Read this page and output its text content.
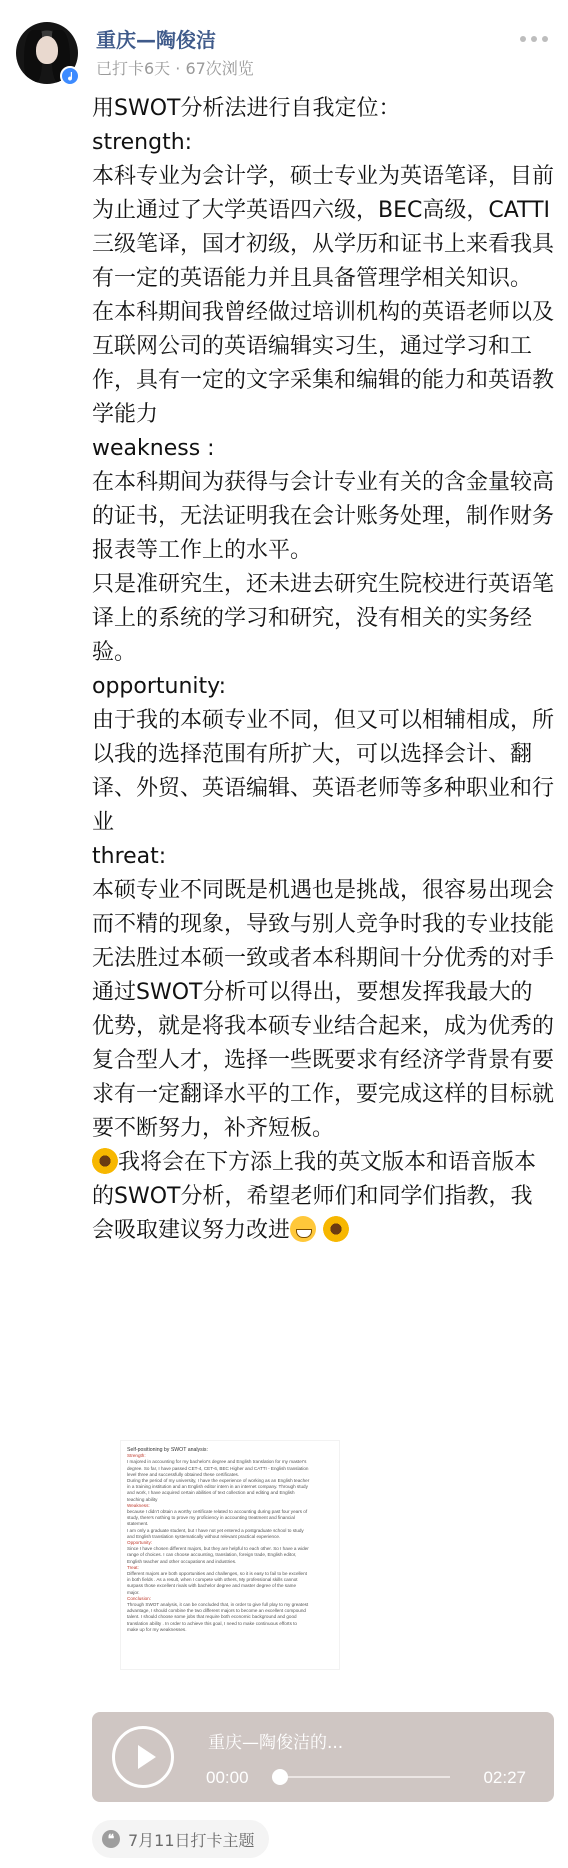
重庆—陶俊洁
已打卡6天 · 67次浏览

用SWOT分析法进行自我定位：

strength:

本科专业为会计学，硕士专业为英语笔译，目前为止通过了大学英语四六级，BEC高级，CATTI三级笔译，国才初级，从学历和证书上来看我具有一定的英语能力并且具备管理学相关知识。

在本科期间我曾经做过培训机构的英语老师以及互联网公司的英语编辑实习生，通过学习和工作，具有一定的文字采集和编辑的能力和英语教学能力

weakness :

在本科期间为获得与会计专业有关的含金量较高的证书，无法证明我在会计账务处理，制作财务报表等工作上的水平。

只是准研究生，还未进去研究生院校进行英语笔译上的系统的学习和研究，没有相关的实务经验。

opportunity:

由于我的本硕专业不同，但又可以相辅相成，所以我的选择范围有所扩大，可以选择会计、翻译、外贸、英语编辑、英语老师等多种职业和行业

threat:

本硕专业不同既是机遇也是挑战，很容易出现会而不精的现象，导致与别人竞争时我的专业技能无法胜过本硕一致或者本科期间十分优秀的对手

通过SWOT分析可以得出，要想发挥我最大的优势，就是将我本硕专业结合起来，成为优秀的复合型人才，选择一些既要求有经济学背景有要求有一定翻译水平的工作，要完成这样的目标就要不断努力，补齐短板。

我将会在下方添上我的英文版本和语音版本的SWOT分析，希望老师们和同学们指教，我会吸取建议努力改进

Self-positioning by SWOT analysis:
Strength:
I majored in accounting for my bachelor's degree and English translation for my master's
degree. So far, I have passed CET-4, CET-6, BEC Higher and CATTI - English translation
level three and successfully obtained these certificates.
During the period of my university, I have the experience of working as an English teacher
in a training institution and an English editor intern in an internet company. Through study
and work, I have acquired certain abilities of text collection and editing and English
teaching ability
Weakness:
because I didn't obtain a worthy certificate related to accounting during past four years of
study, there's nothing to prove my proficiency in accounting treatment and financial
statement.
I am only a graduate student, but I have not yet entered a postgraduate school to study
and English translation systematically without relevant practical experience.
Opportunity:
Since I have chosen different majors, but they are helpful to each other. So I have a wider
range of choices. I can choose accounting, translation, foreign trade, English editor,
English teacher and other occupations and industries.
Treat:
Different majors are both opportunities and challenges, so it is easy to fail to be excellent
in both fields . As a result, when I compete with others, My professional skills cannot
surpass those excellent rivals with bachelor degree and master degree of the same
major.
Conclusion:
Through SWOT analysis, it can be concluded that, in order to give full play to my greatest
advantage, I should combine the two different majors to become an excellent compound
talent. I should choose some jobs that require both economic background and good
translation ability . In order to achieve this goal, I need to make continuous efforts to
make up for my weaknesses.
重庆—陶俊洁的...
00:00	02:27
❝ 7月11日打卡主题
